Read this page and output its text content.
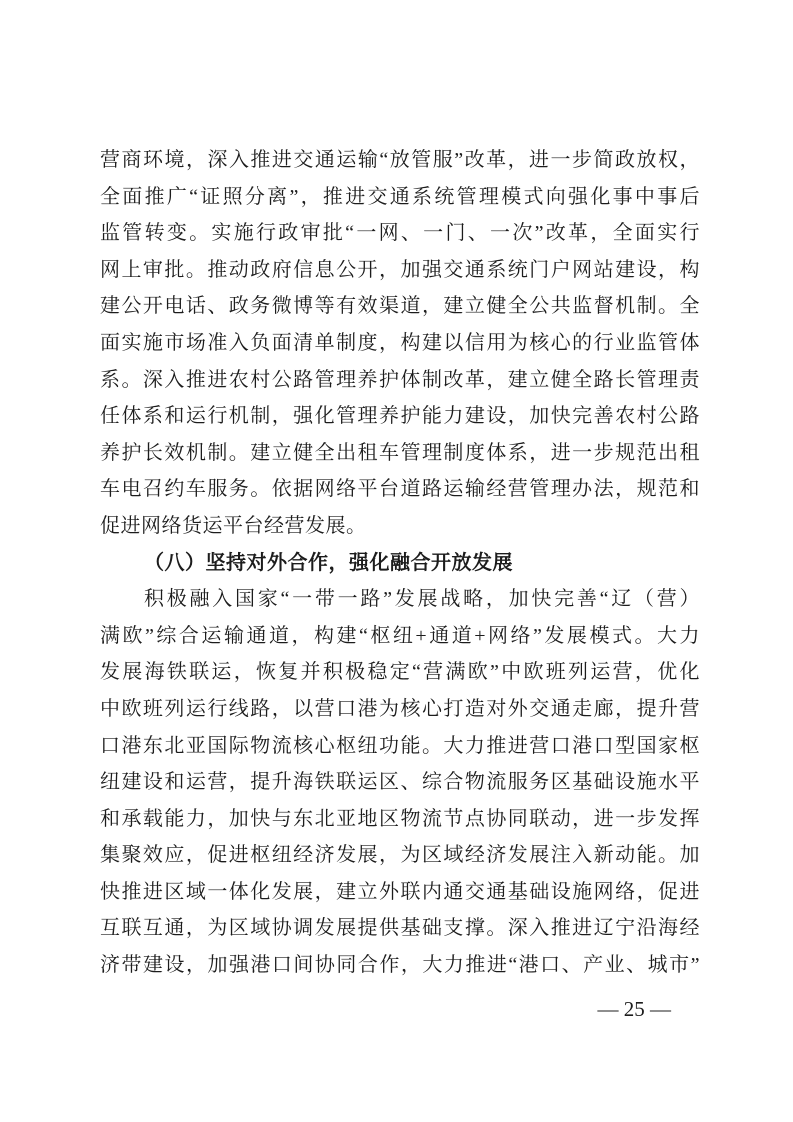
营商环境，深入推进交通运输“放管服”改革，进一步简政放权，
全面推广“证照分离”，推进交通系统管理模式向强化事中事后
监管转变。实施行政审批“一网、一门、一次”改革，全面实行
网上审批。推动政府信息公开，加强交通系统门户网站建设，构
建公开电话、政务微博等有效渠道，建立健全公共监督机制。全
面实施市场准入负面清单制度，构建以信用为核心的行业监管体
系。深入推进农村公路管理养护体制改革，建立健全路长管理责
任体系和运行机制，强化管理养护能力建设，加快完善农村公路
养护长效机制。建立健全出租车管理制度体系，进一步规范出租
车电召约车服务。依据网络平台道路运输经营管理办法，规范和
促进网络货运平台经营发展。
（八）坚持对外合作，强化融合开放发展
积极融入国家“一带一路”发展战略，加快完善“辽（营）
满欧”综合运输通道，构建“枢纽+通道+网络”发展模式。大力
发展海铁联运，恢复并积极稳定“营满欧”中欧班列运营，优化
中欧班列运行线路，以营口港为核心打造对外交通走廊，提升营
口港东北亚国际物流核心枢纽功能。大力推进营口港口型国家枢
纽建设和运营，提升海铁联运区、综合物流服务区基础设施水平
和承载能力，加快与东北亚地区物流节点协同联动，进一步发挥
集聚效应，促进枢纽经济发展，为区域经济发展注入新动能。加
快推进区域一体化发展，建立外联内通交通基础设施网络，促进
互联互通，为区域协调发展提供基础支撑。深入推进辽宁沿海经
济带建设，加强港口间协同合作，大力推进“港口、产业、城市”
— 25 —
